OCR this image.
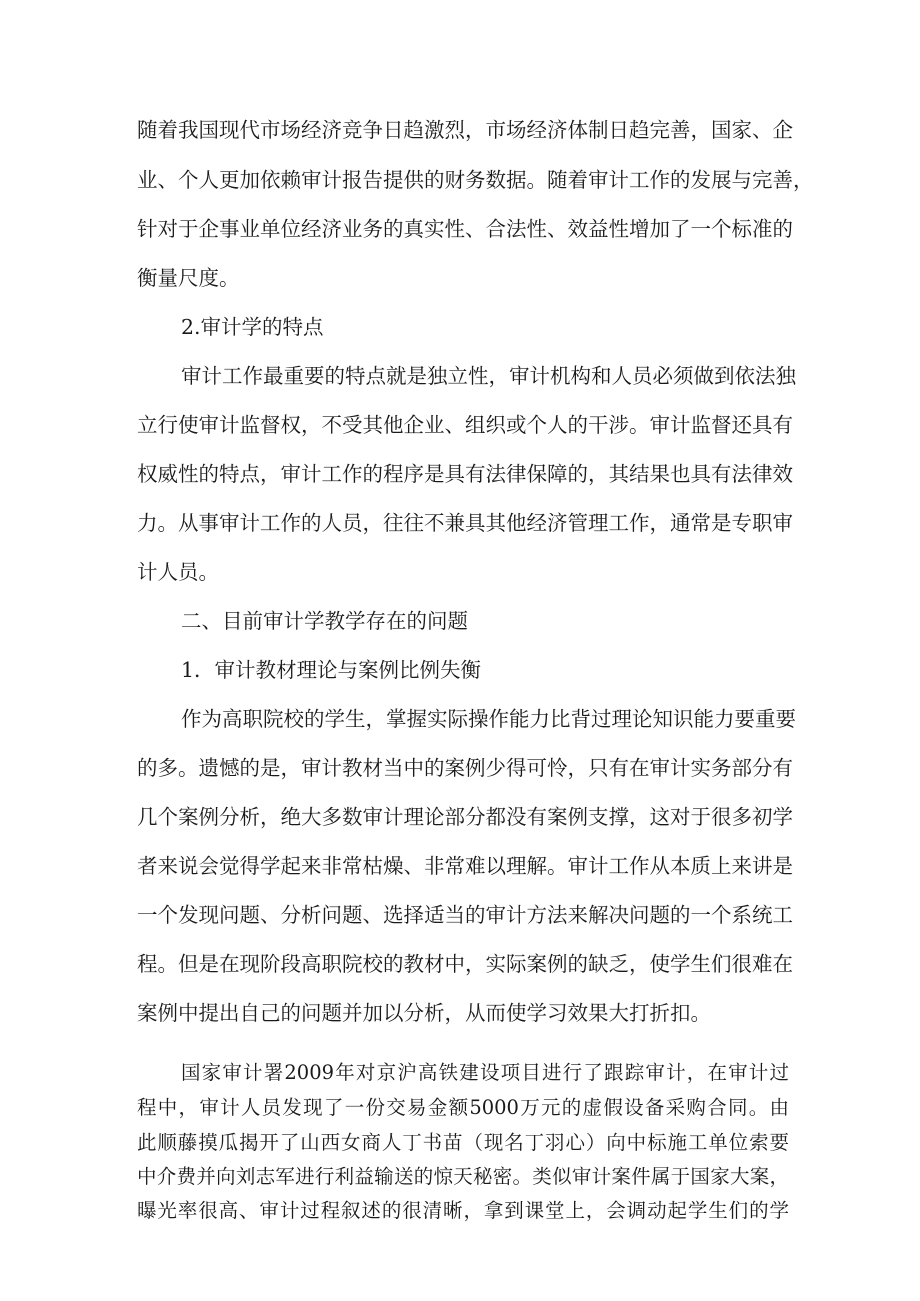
随着我国现代市场经济竞争日趋激烈，市场经济体制日趋完善，国家、企
业、个人更加依赖审计报告提供的财务数据。随着审计工作的发展与完善，
针对于企事业单位经济业务的真实性、合法性、效益性增加了一个标准的
衡量尺度。
2.审计学的特点
审计工作最重要的特点就是独立性，审计机构和人员必须做到依法独
立行使审计监督权，不受其他企业、组织或个人的干涉。审计监督还具有
权威性的特点，审计工作的程序是具有法律保障的，其结果也具有法律效
力。从事审计工作的人员，往往不兼具其他经济管理工作，通常是专职审
计人员。
二、目前审计学教学存在的问题
1．审计教材理论与案例比例失衡
作为高职院校的学生，掌握实际操作能力比背过理论知识能力要重要
的多。遗憾的是，审计教材当中的案例少得可怜，只有在审计实务部分有
几个案例分析，绝大多数审计理论部分都没有案例支撑，这对于很多初学
者来说会觉得学起来非常枯燥、非常难以理解。审计工作从本质上来讲是
一个发现问题、分析问题、选择适当的审计方法来解决问题的一个系统工
程。但是在现阶段高职院校的教材中，实际案例的缺乏，使学生们很难在
案例中提出自己的问题并加以分析，从而使学习效果大打折扣。
国家审计署2009年对京沪高铁建设项目进行了跟踪审计，在审计过
程中，审计人员发现了一份交易金额5000万元的虚假设备采购合同。由
此顺藤摸瓜揭开了山西女商人丁书苗（现名丁羽心）向中标施工单位索要
中介费并向刘志军进行利益输送的惊天秘密。类似审计案件属于国家大案，
曝光率很高、审计过程叙述的很清晰，拿到课堂上，会调动起学生们的学
